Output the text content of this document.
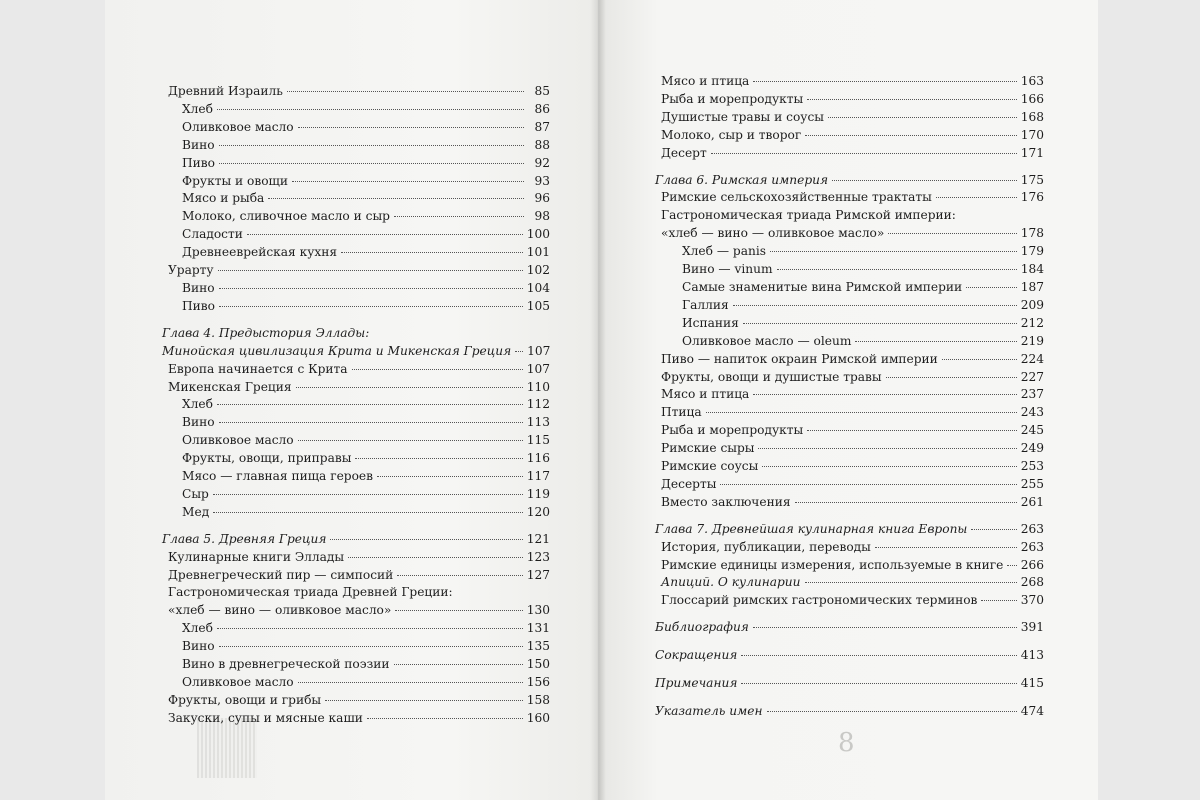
8
Древний Израиль	85
Хлеб	86
Оливковое масло	87
Вино	88
Пиво	92
Фрукты и овощи	93
Мясо и рыба	96
Молоко, сливочное масло и сыр	98
Сладости	100
Древнееврейская кухня	101
Урарту	102
Вино	104
Пиво	105
Глава 4. Предыстория Эллады:
Минойская цивилизация Крита и Микенская Греция 107
Европа начинается с Крита	107
Микенская Греция	110
Хлеб	112
Вино	113
Оливковое масло	115
Фрукты, овощи, приправы	116
Мясо — главная пища героев	117
Сыр	119
Мед	120
Глава 5. Древняя Греция	121
Кулинарные книги Эллады	123
Древнегреческий пир — симпосий	127
Гастрономическая триада Древней Греции:
«хлеб — вино — оливковое масло»	130
Хлеб	131
Вино	135
Вино в древнегреческой поэзии	150
Оливковое масло	156
Фрукты, овощи и грибы	158
Закуски, супы и мясные каши	160
Мясо и птица	163
Рыба и морепродукты	166
Душистые травы и соусы	168
Молоко, сыр и творог	170
Десерт	171
Глава 6. Римская империя	175
Римские сельскохозяйственные трактаты	176
Гастрономическая триада Римской империи:
«хлеб — вино — оливковое масло»	178
Хлеб — panis	179
Вино — vinum	184
Самые знаменитые вина Римской империи	187
Галлия	209
Испания	212
Оливковое масло — oleum	219
Пиво — напиток окраин Римской империи	224
Фрукты, овощи и душистые травы	227
Мясо и птица	237
Птица	243
Рыба и морепродукты	245
Римские сыры	249
Римские соусы	253
Десерты	255
Вместо заключения	261
Глава 7. Древнейшая кулинарная книга Европы	263
История, публикации, переводы	263
Римские единицы измерения, используемые в книге 266
Апиций. О кулинарии	268
Глоссарий римских гастрономических терминов	370
Библиография	391
Сокращения	413
Примечания	415
Указатель имен	474
